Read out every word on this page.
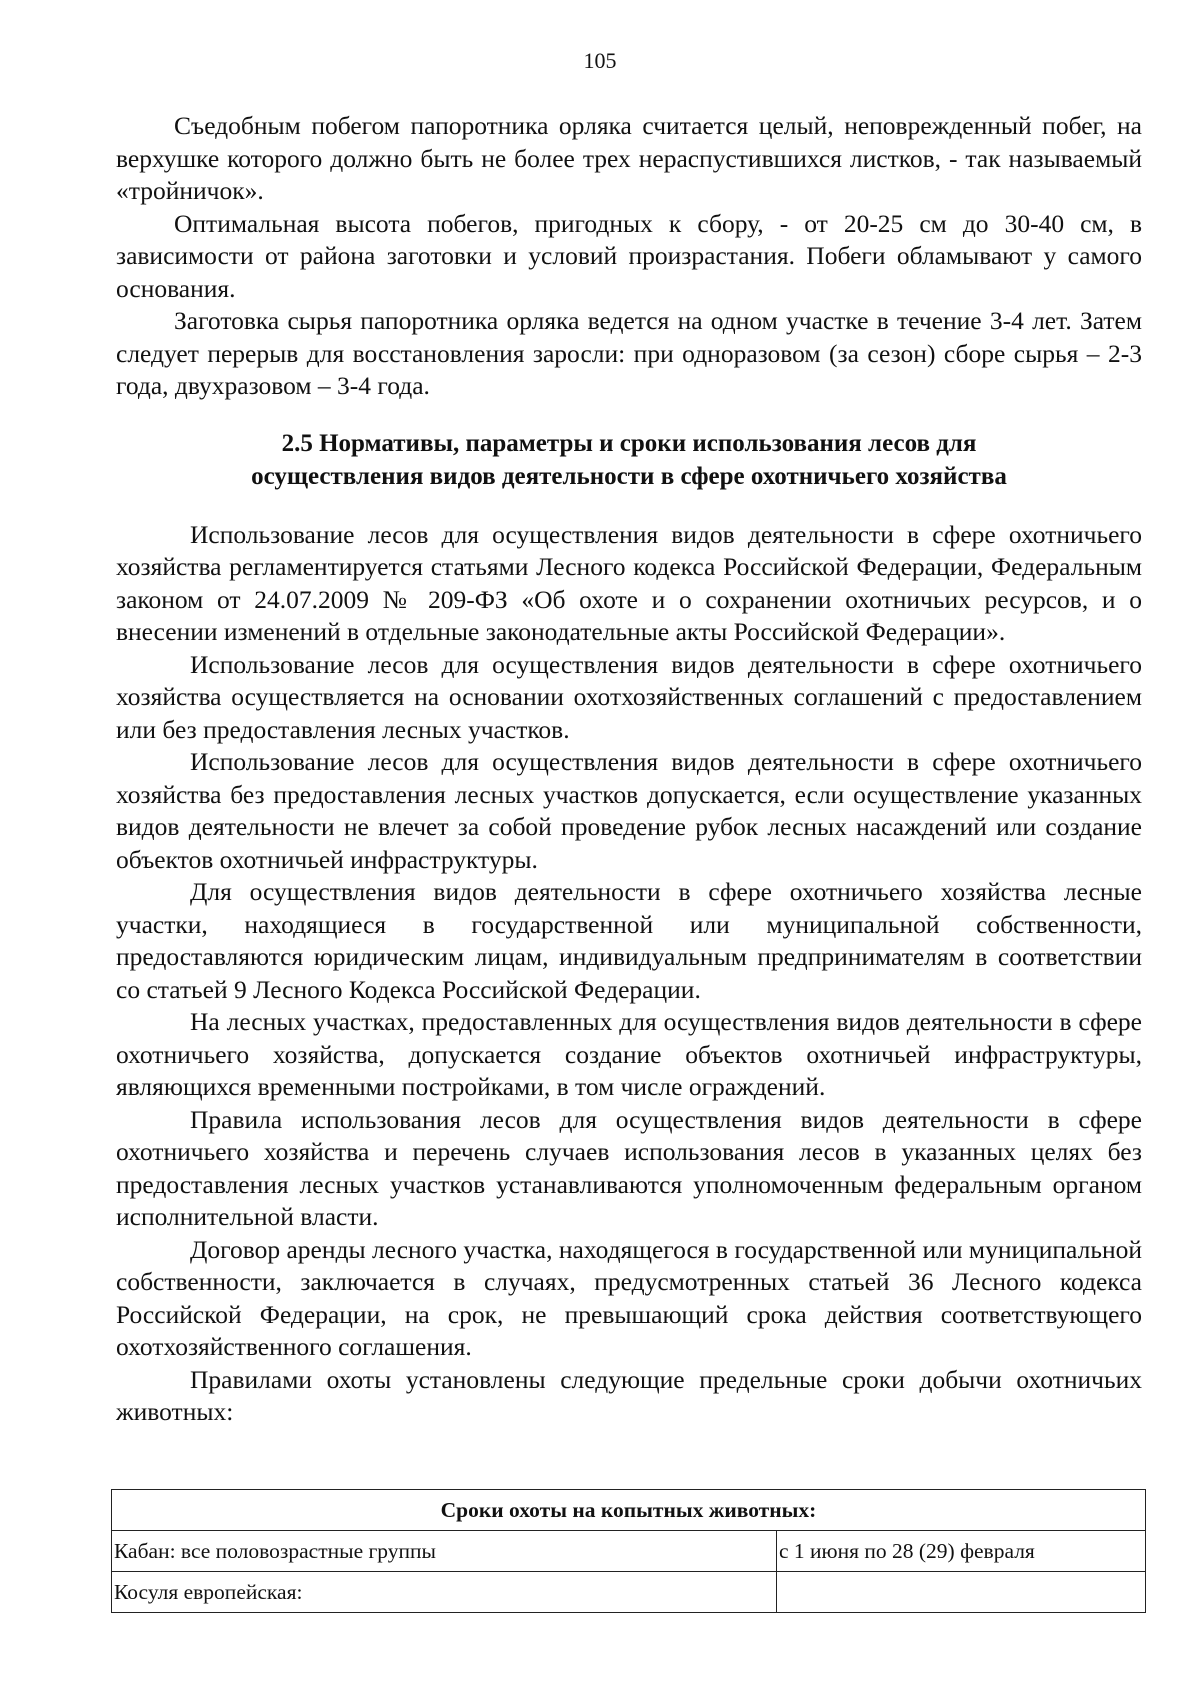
105

Съедобным побегом папоротника орляка считается целый, неповрежденный побег, на верхушке которого должно быть не более трех нераспустившихся листков, - так называемый «тройничок».

Оптимальная высота побегов, пригодных к сбору, - от 20-25 см до 30-40 см, в зависимости от района заготовки и условий произрастания. Побеги обламывают у самого основания.

Заготовка сырья папоротника орляка ведется на одном участке в течение 3-4 лет. Затем следует перерыв для восстановления заросли: при одноразовом (за сезон) сборе сырья – 2-3 года, двухразовом – 3-4 года.

2.5 Нормативы, параметры и сроки использования лесов для
осуществления видов деятельности в сфере охотничьего хозяйства

Использование лесов для осуществления видов деятельности в сфере охотничьего хозяйства регламентируется статьями Лесного кодекса Российской Федерации, Федеральным законом от 24.07.2009 № 209-ФЗ «Об охоте и о сохранении охотничьих ресурсов, и о внесении изменений в отдельные законодательные акты Российской Федерации».

Использование лесов для осуществления видов деятельности в сфере охотничьего хозяйства осуществляется на основании охотхозяйственных соглашений с предоставлением или без предоставления лесных участков.

Использование лесов для осуществления видов деятельности в сфере охотничьего хозяйства без предоставления лесных участков допускается, если осуществление указанных видов деятельности не влечет за собой проведение рубок лесных насаждений или создание объектов охотничьей инфраструктуры.

Для осуществления видов деятельности в сфере охотничьего хозяйства лесные участки, находящиеся в государственной или муниципальной собственности, предоставляются юридическим лицам, индивидуальным предпринимателям в соответствии со статьей 9 Лесного Кодекса Российской Федерации.

На лесных участках, предоставленных для осуществления видов деятельности в сфере охотничьего хозяйства, допускается создание объектов охотничьей инфраструктуры, являющихся временными постройками, в том числе ограждений.

Правила использования лесов для осуществления видов деятельности в сфере охотничьего хозяйства и перечень случаев использования лесов в указанных целях без предоставления лесных участков устанавливаются уполномоченным федеральным органом исполнительной власти.

Договор аренды лесного участка, находящегося в государственной или муниципальной собственности, заключается в случаях, предусмотренных статьей 36 Лесного кодекса Российской Федерации, на срок, не превышающий срока действия соответствующего охотхозяйственного соглашения.

Правилами охоты установлены следующие предельные сроки добычи охотничьих животных:

Сроки охоты на копытных животных:	
Кабан: все половозрастные группы	с 1 июня по 28 (29) февраля
Косуля европейская:	
